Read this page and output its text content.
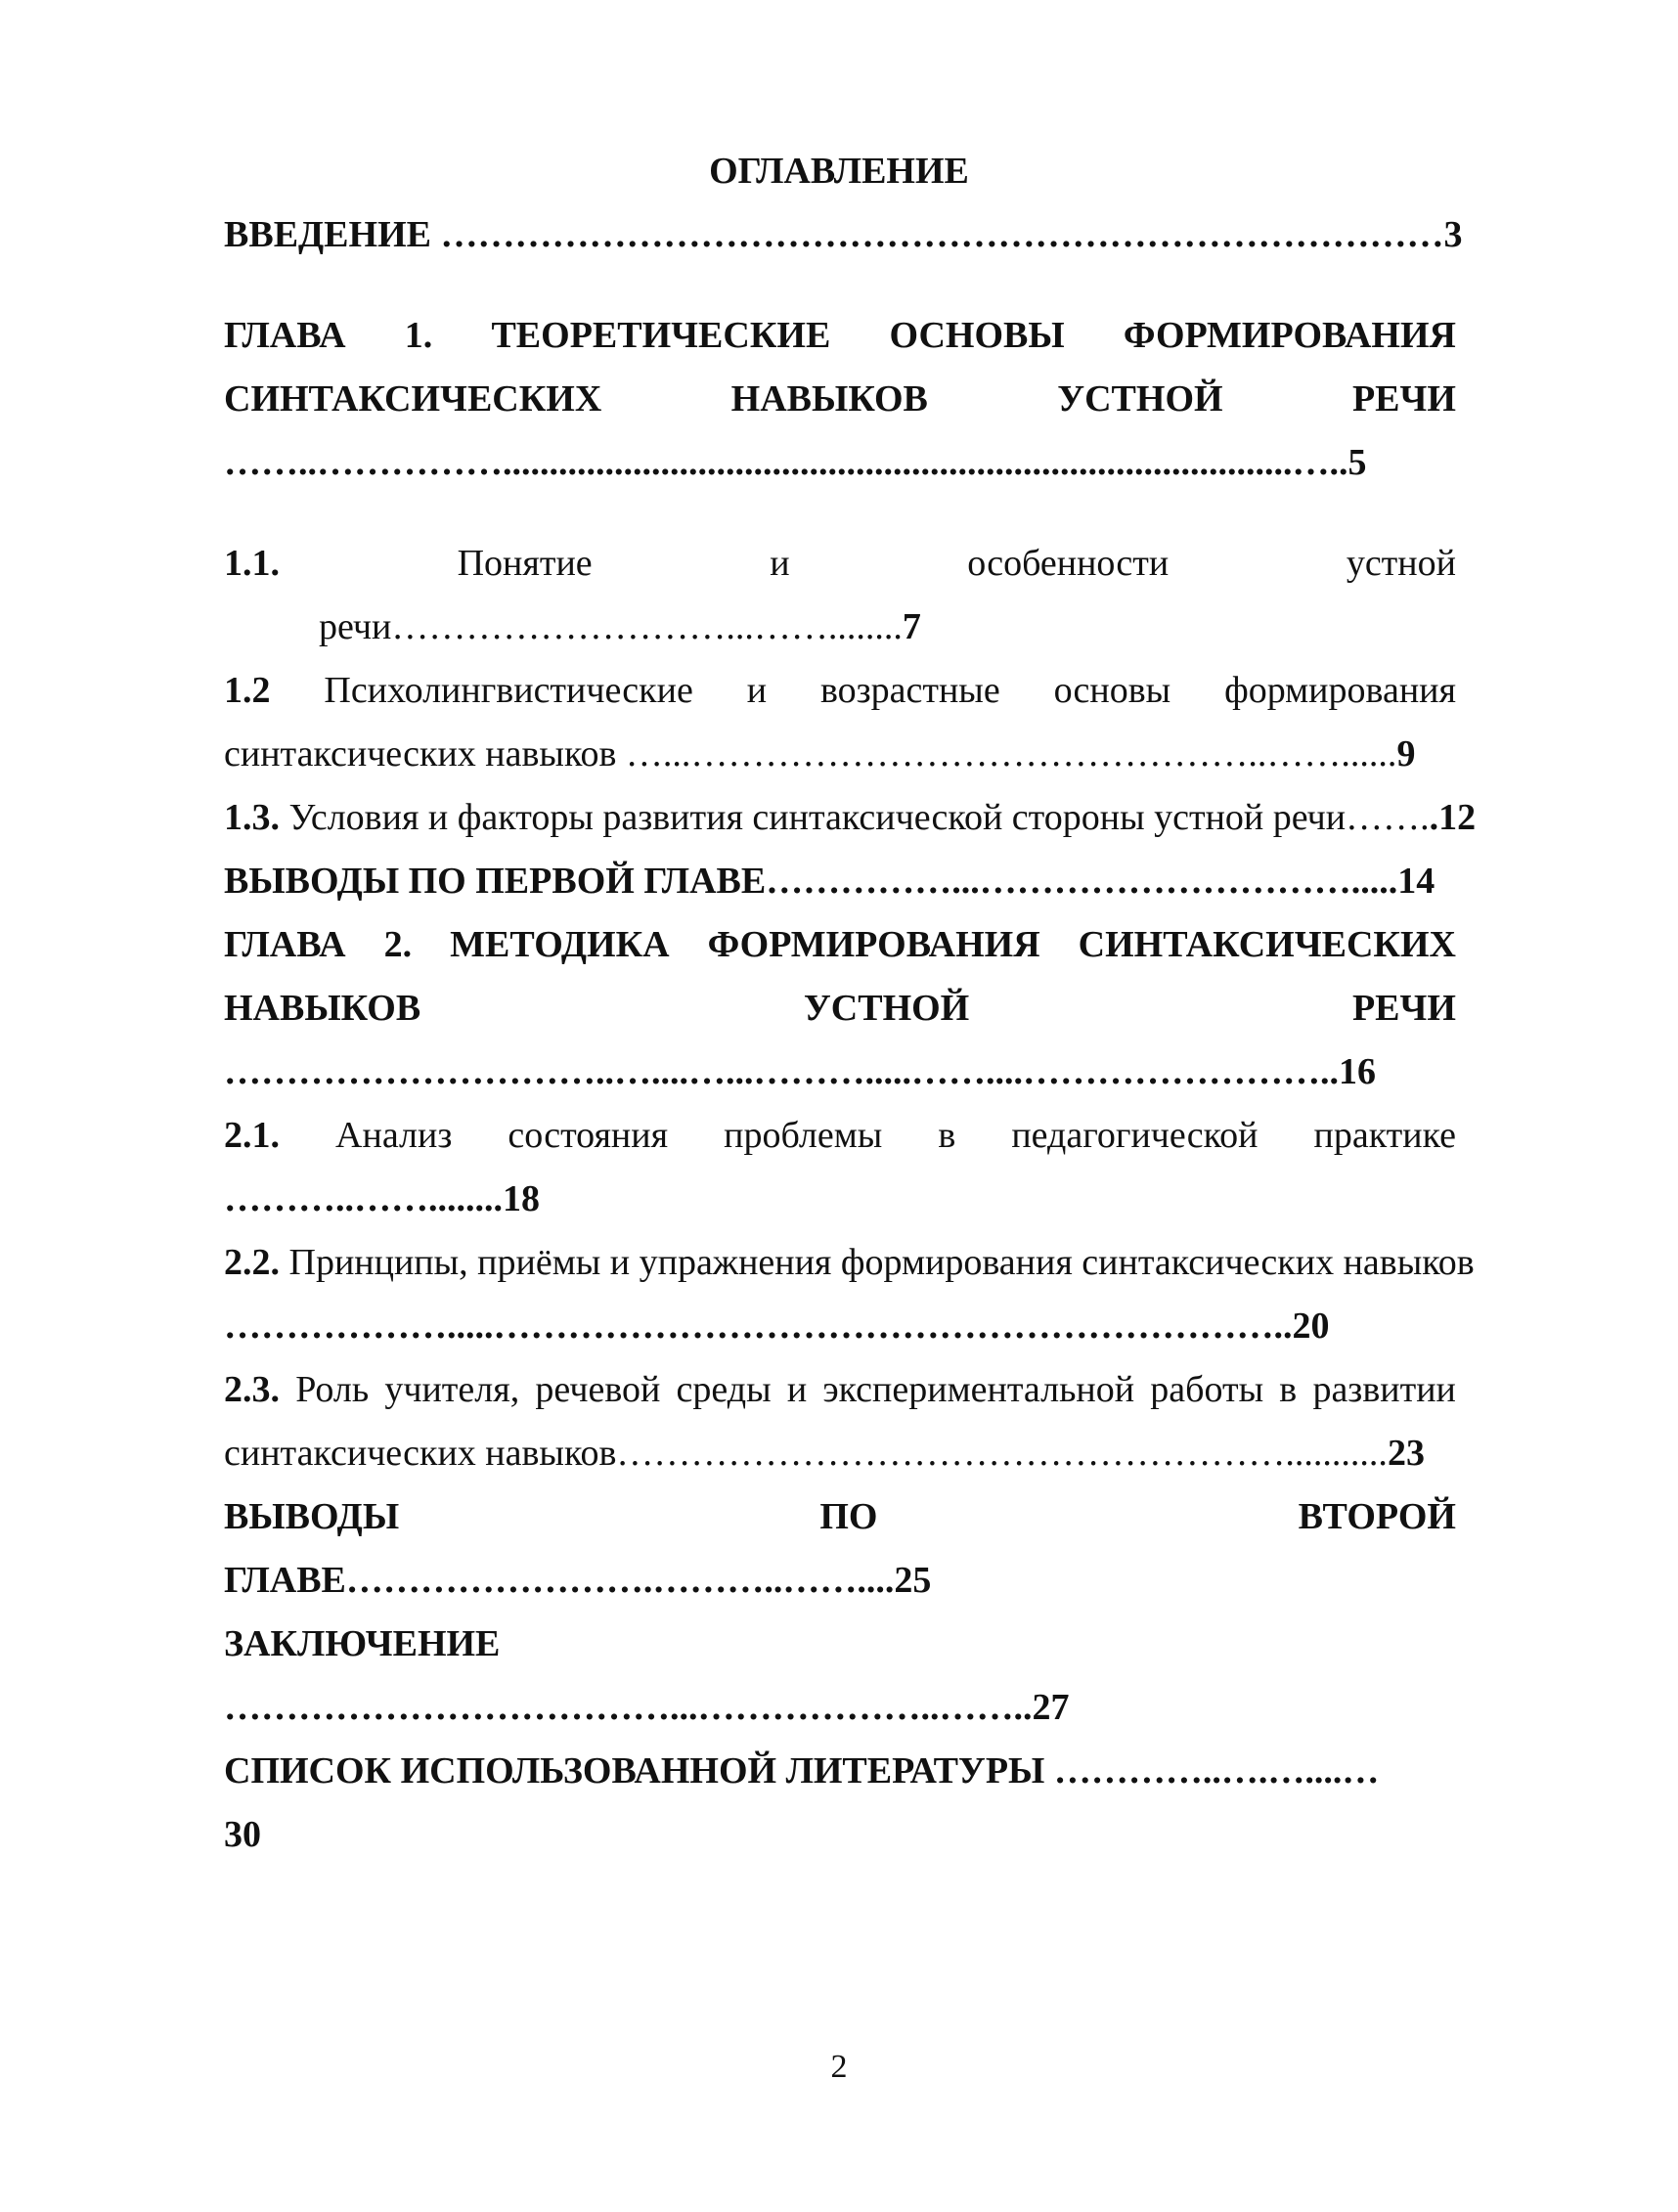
ОГЛАВЛЕНИЕ
ВВЕДЕНИЕ ………………………………………………………………………3
ГЛАВА 1. ТЕОРЕТИЧЕСКИЕ ОСНОВЫ ФОРМИРОВАНИЯ
СИНТАКСИЧЕСКИХ	НАВЫКОВ	УСТНОЙ	РЕЧИ
……..…………….....................................................................................…..5
1.1.	Понятие	и	особенности	устной
речи………………………...……........7
1.2 Психолингвистические и возрастные основы формирования
синтаксических навыков …...………………………………………..……......9
1.3. Условия и факторы развития синтаксической стороны устной речи……..12
ВЫВОДЫ ПО ПЕРВОЙ ГЛАВЕ……………...………………………….....14
ГЛАВА 2. МЕТОДИКА ФОРМИРОВАНИЯ СИНТАКСИЧЕСКИХ
НАВЫКОВ	УСТНОЙ	РЕЧИ
…………………………..…....…...……….....……....……………………..16
2.1. Анализ состояния проблемы в педагогической практике
………..……........18
2.2. Принципы, приёмы и упражнения формирования синтаксических навыков
……………….....………………………………………………………..20
2.3. Роль учителя, речевой среды и экспериментальной работы в развитии
синтаксических навыков………………………………………………...........23
ВЫВОДЫ	ПО	ВТОРОЙ
ГЛАВЕ…………………….………..……....25
ЗАКЛЮЧЕНИЕ
………………………………...………………..……..27
СПИСОК ИСПОЛЬЗОВАННОЙ ЛИТЕРАТУРЫ …………..….…....…
30
2
